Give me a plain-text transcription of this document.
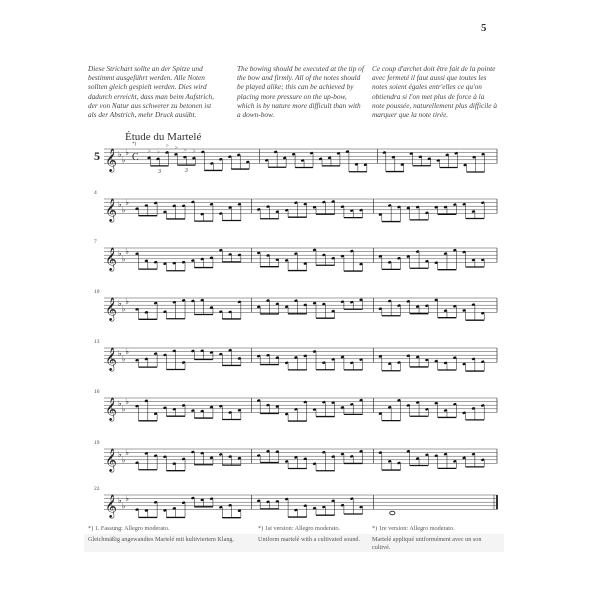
5
Diese Strichart sollte an der Spitze und bestimmt ausgeführt werden. Alle Noten sollten gleich gespielt werden. Dies wird dadurch erreicht, dass man beim Aufstrich, der von Natur aus schwerer zu betonen ist als der Abstrich, mehr Druck ausübt.
The bowing should be executed at the tip of the bow and firmly. All of the notes should be played alike; this can be achieved by placing more pressure on the up-bow, which is by nature more difficult than with a down-bow.
Ce coup d'archet doit être fait de la pointe avec fermeté il faut aussi que toutes les notes soient égales entr'elles ce qu'on obtiendra si l'on met plus de force à la note poussée, naturellement plus difficile à marquer que la note tirée.
Étude du Martelé
𝄞 ♭
♭
♭
5	C
*)
3
> >
>
3
> > >
𝄞 ♭
♭
♭
4
𝄞 ♭
♭
♭
7
𝄞 ♭
♭
♭
10
𝄞 ♭
♭
♭
13
𝄞 ♭
♭
♭
16
𝄞 ♭
♭
♭
19
𝄞 ♭
♭
♭
22
*) 1. Fassung: Allegro moderato.	*) 1st version: Allegro moderato.	*) 1re version: Allegro moderato.
Gleichmäßig angewandtes Martelé mit kultiviertem Klang.	Uniform martelé with a cultivated sound.	Martelé appliqué uniformément avec un son cultivé.
